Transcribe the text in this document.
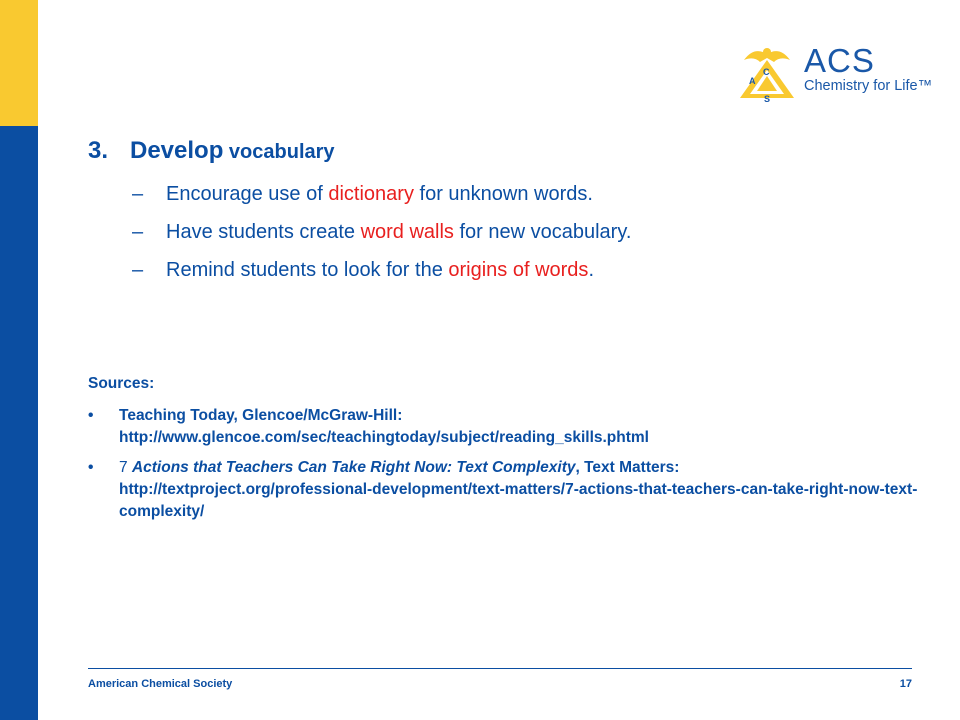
A
C
S
ACS
Chemistry for Life™
3. Develop vocabulary
– Encourage use of dictionary for unknown words.
– Have students create word walls for new vocabulary.
– Remind students to look for the origins of words.
Sources:
• Teaching Today, Glencoe/McGraw-Hill:
http://www.glencoe.com/sec/teachingtoday/subject/reading_skills.phtml
• 7 Actions that Teachers Can Take Right Now: Text Complexity, Text Matters:
http://textproject.org/professional-development/text-matters/7-actions-that-teachers-can-take-right-now-text-complexity/
American Chemical Society	17
